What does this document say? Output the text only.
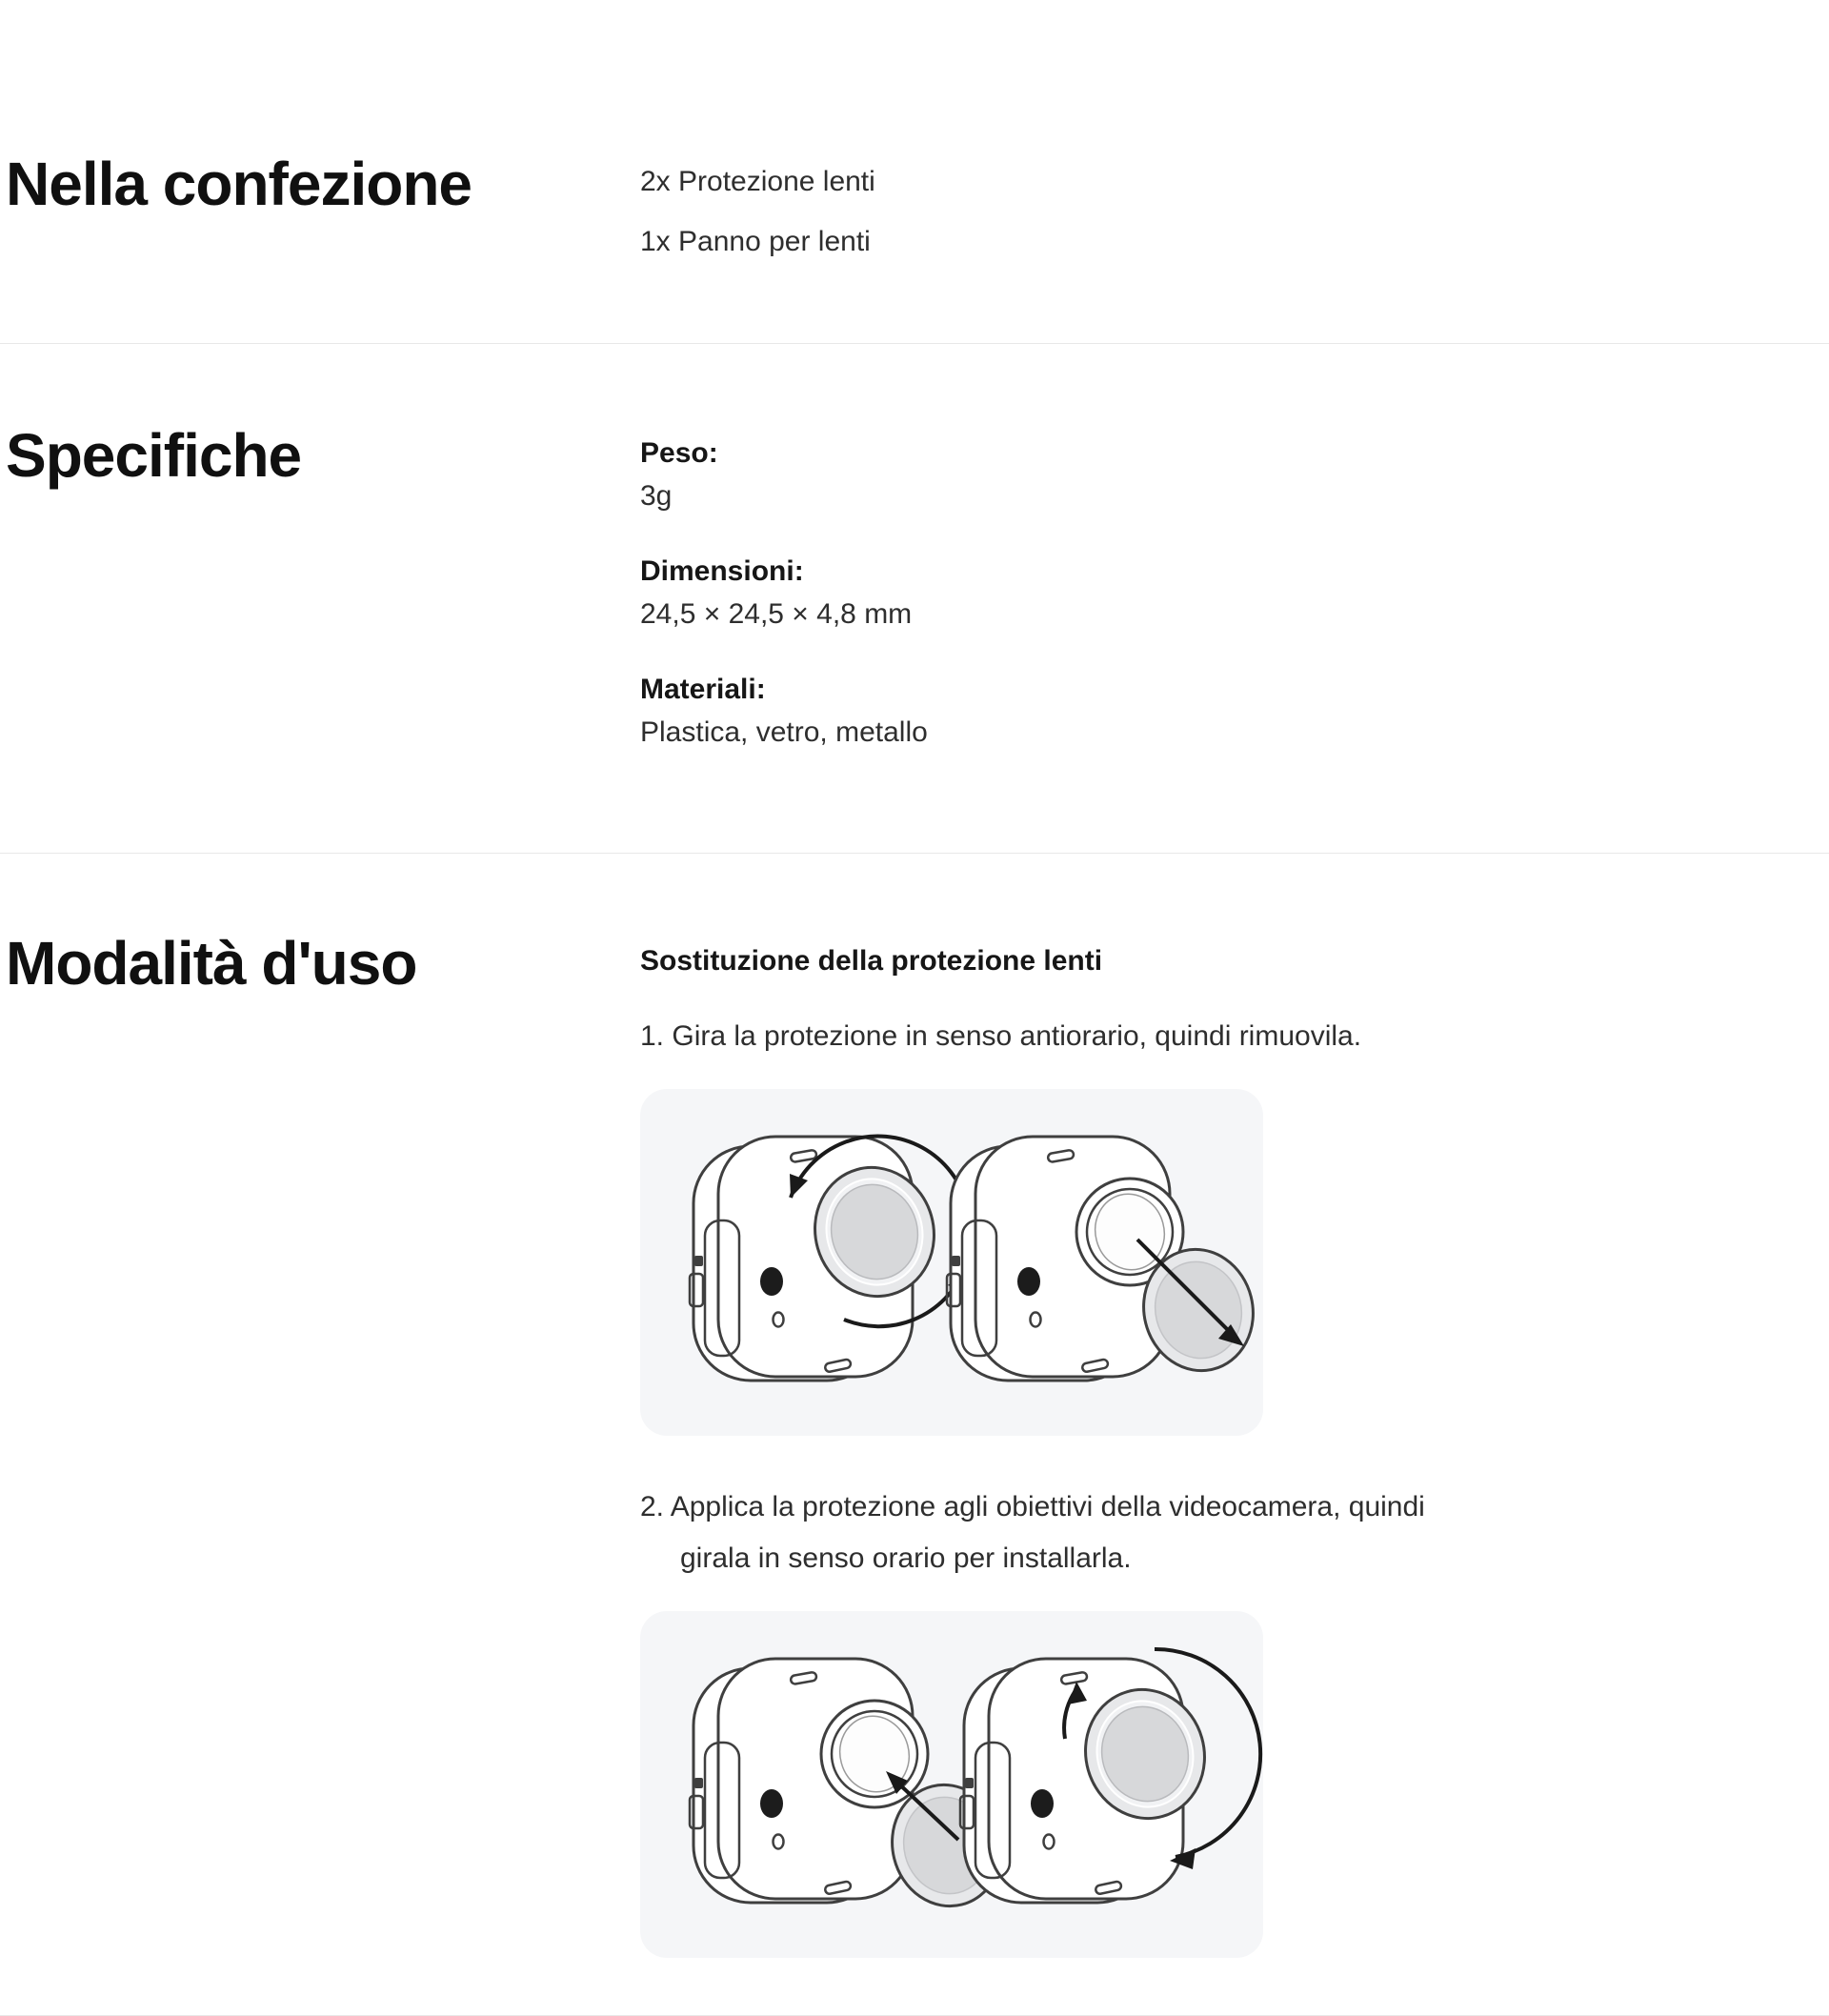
Nella confezione	2x Protezione lenti

1x Panno per lenti

Specifiche	Peso:
3g
Dimensioni:
24,5 × 24,5 × 4,8 mm
Materiali:
Plastica, vetro, metallo
Modalità d'uso	Sostituzione della protezione lenti
1. Gira la protezione in senso antiorario, quindi rimuovila.
2. Applica la protezione agli obiettivi della videocamera, quindi
girala in senso orario per installarla.
